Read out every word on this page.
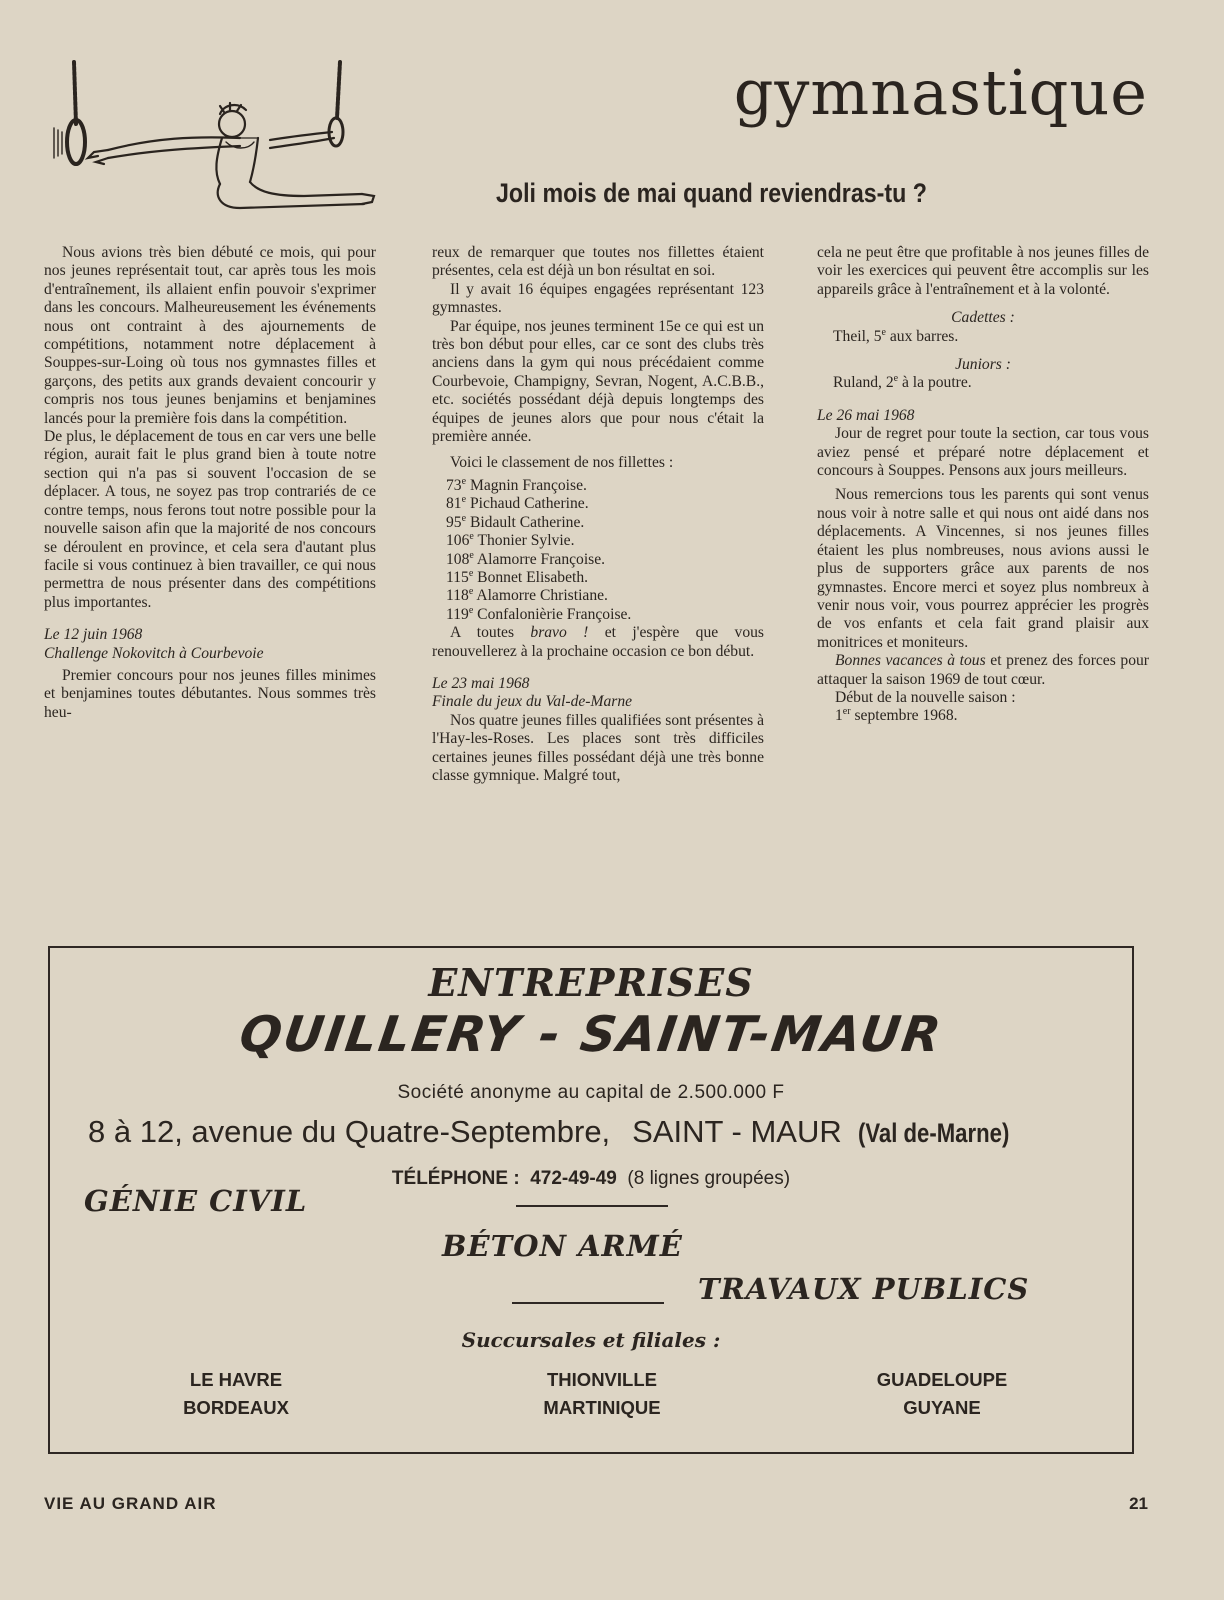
gymnastique
Joli mois de mai quand reviendras-tu ?

Nous avions très bien débuté ce mois, qui pour nos jeunes représentait tout, car après tous les mois d'entraînement, ils allaient enfin pouvoir s'exprimer dans les concours. Malheureusement les événements nous ont contraint à des ajournements de compétitions, notamment notre déplacement à Souppes-sur-Loing où tous nos gymnastes filles et garçons, des petits aux grands devaient concourir y compris nos tous jeunes benjamins et benjamines lancés pour la première fois dans la compétition.

De plus, le déplacement de tous en car vers une belle région, aurait fait le plus grand bien à toute notre section qui n'a pas si souvent l'occasion de se déplacer. A tous, ne soyez pas trop contrariés de ce contre temps, nous ferons tout notre possible pour la nouvelle saison afin que la majorité de nos concours se déroulent en province, et cela sera d'autant plus facile si vous continuez à bien travailler, ce qui nous permettra de nous présenter dans des compétitions plus importantes.

Le 12 juin 1968

Challenge Nokovitch à Courbevoie

Premier concours pour nos jeunes filles minimes et benjamines toutes débutantes. Nous sommes très heu-

reux de remarquer que toutes nos fillettes étaient présentes, cela est déjà un bon résultat en soi.

Il y avait 16 équipes engagées représentant 123 gymnastes.

Par équipe, nos jeunes terminent 15e ce qui est un très bon début pour elles, car ce sont des clubs très anciens dans la gym qui nous précédaient comme Courbevoie, Champigny, Sevran, Nogent, A.C.B.B., etc. sociétés possédant déjà depuis longtemps des équipes de jeunes alors que pour nous c'était la première année.

Voici le classement de nos fillettes :

73e Magnin Françoise.
81e Pichaud Catherine.
95e Bidault Catherine.
106e Thonier Sylvie.
108e Alamorre Françoise.
115e Bonnet Elisabeth.
118e Alamorre Christiane.
119e Confalonièrie Françoise.

A toutes bravo ! et j'espère que vous renouvellerez à la prochaine occasion ce bon début.

Le 23 mai 1968

Finale du jeux du Val-de-Marne

Nos quatre jeunes filles qualifiées sont présentes à l'Hay-les-Roses. Les places sont très difficiles certaines jeunes filles possédant déjà une très bonne classe gymnique. Malgré tout,

cela ne peut être que profitable à nos jeunes filles de voir les exercices qui peuvent être accomplis sur les appareils grâce à l'entraînement et à la volonté.

Cadettes :

Theil, 5e aux barres.

Juniors :

Ruland, 2e à la poutre.

Le 26 mai 1968

Jour de regret pour toute la section, car tous vous aviez pensé et préparé notre déplacement et concours à Souppes. Pensons aux jours meilleurs.

Nous remercions tous les parents qui sont venus nous voir à notre salle et qui nous ont aidé dans nos déplacements. A Vincennes, si nos jeunes filles étaient les plus nombreuses, nous avions aussi le plus de supporters grâce aux parents de nos gymnastes. Encore merci et soyez plus nombreux à venir nous voir, vous pourrez apprécier les progrès de vos enfants et cela fait grand plaisir aux monitrices et moniteurs.

Bonnes vacances à tous et prenez des forces pour attaquer la saison 1969 de tout cœur.

Début de la nouvelle saison :

1er septembre 1968.

ENTREPRISES
QUILLERY - SAINT-MAUR
Société anonyme au capital de 2.500.000 F
8 à 12, avenue du Quatre-Septembre, SAINT - MAUR (Val de-Marne)
TÉLÉPHONE : 472-49-49 (8 lignes groupées)
GÉNIE CIVIL
BÉTON ARMÉ
TRAVAUX PUBLICS
Succursales et filiales :
LE HAVRE
BORDEAUX
THIONVILLE
MARTINIQUE
GUADELOUPE
GUYANE
VIE AU GRAND AIR	21
